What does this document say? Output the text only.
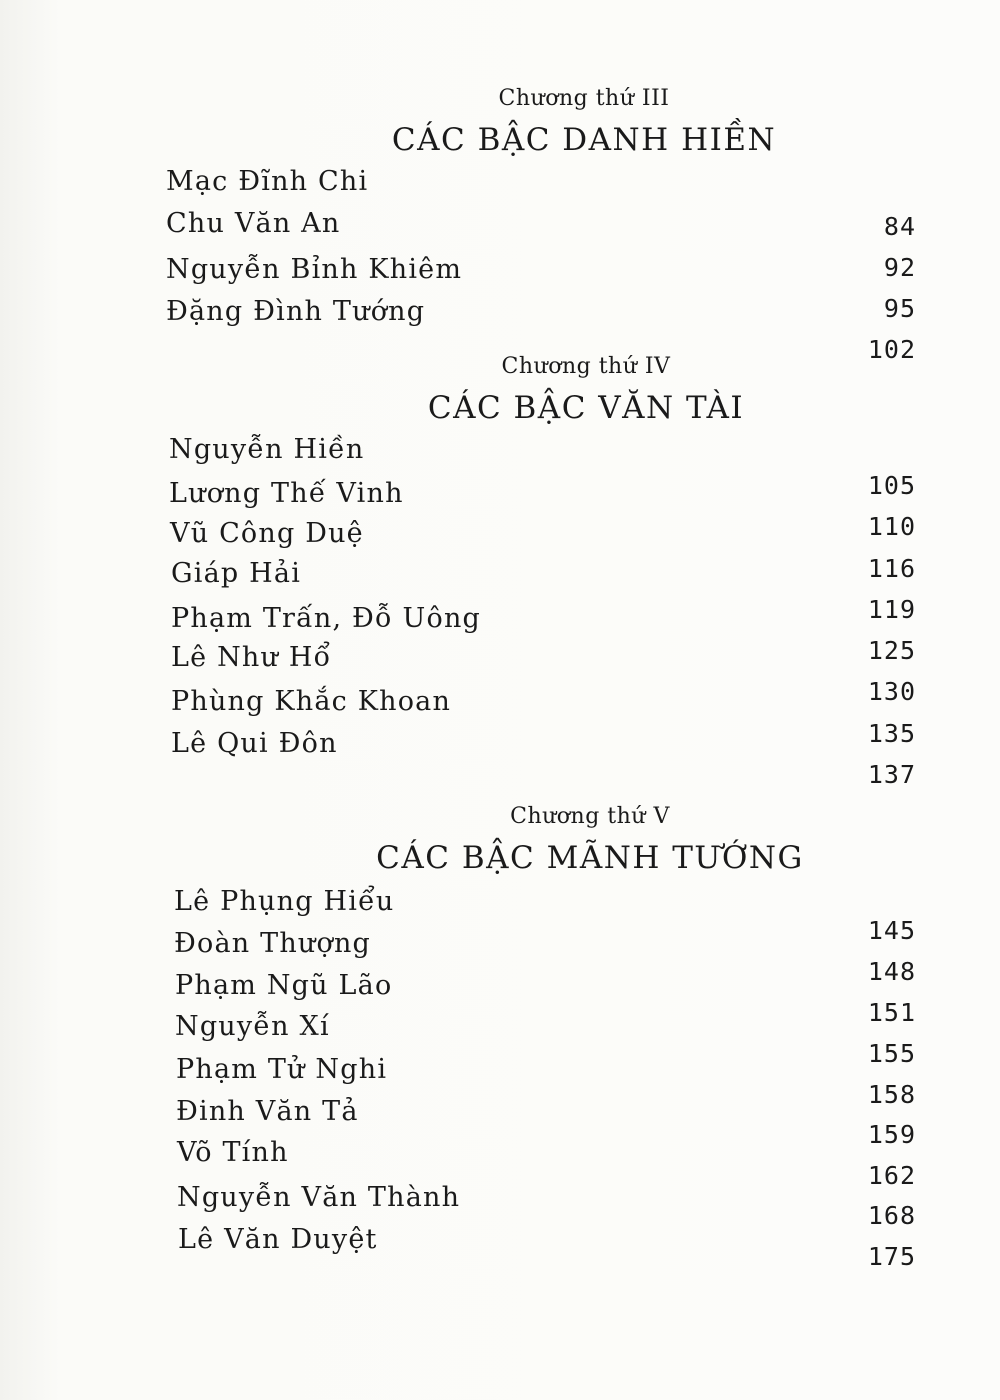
Chương thứ III
CÁC BẬC DANH HIỀN
Mạc Đĩnh Chi
Chu Văn An
Nguyễn Bỉnh Khiêm
Đặng Đình Tướng
84
92
95
102
Chương thứ IV
CÁC BẬC VĂN TÀI
Nguyễn Hiền
Lương Thế Vinh
Vũ Công Duệ
Giáp Hải
Phạm Trấn, Đỗ Uông
Lê Như Hổ
Phùng Khắc Khoan
Lê Qui Đôn
105
110
116
119
125
130
135
137
Chương thứ V
CÁC BẬC MÃNH TƯỚNG
Lê Phụng Hiểu
Đoàn Thượng
Phạm Ngũ Lão
Nguyễn Xí
Phạm Tử Nghi
Đinh Văn Tả
Võ Tính
Nguyễn Văn Thành
Lê Văn Duyệt
145
148
151
155
158
159
162
168
175
